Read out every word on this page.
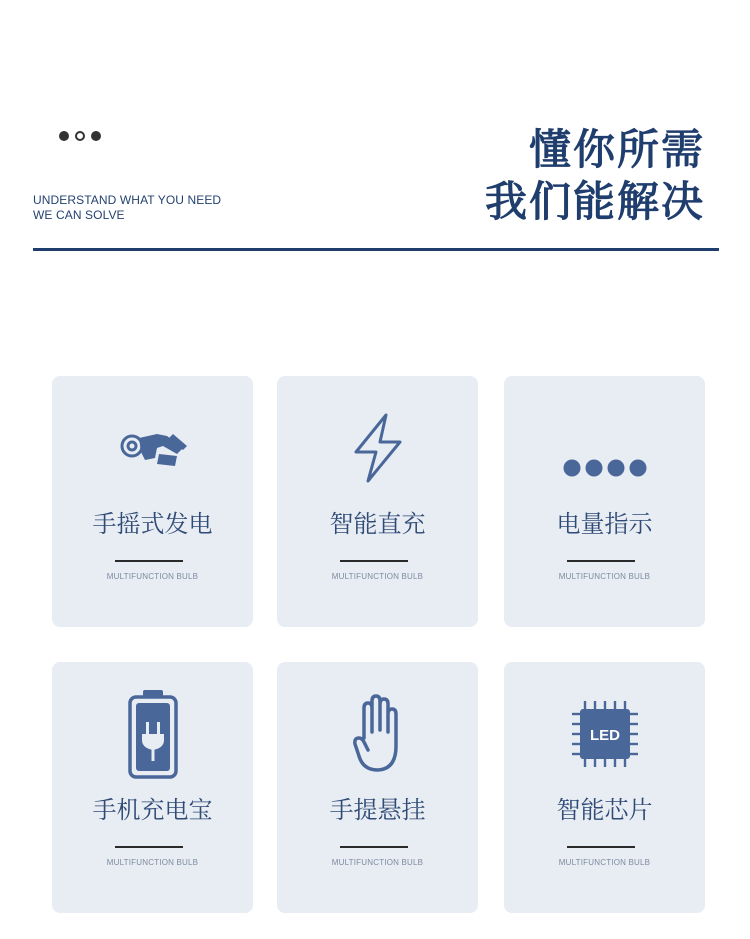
UNDERSTAND WHAT YOU NEED
WE CAN SOLVE
懂你所需
我们能解决
手摇式发电
MULTIFUNCTION BULB
智能直充
MULTIFUNCTION BULB
电量指示
MULTIFUNCTION BULB
手机充电宝
MULTIFUNCTION BULB
手提悬挂
MULTIFUNCTION BULB
LED
智能芯片
MULTIFUNCTION BULB
